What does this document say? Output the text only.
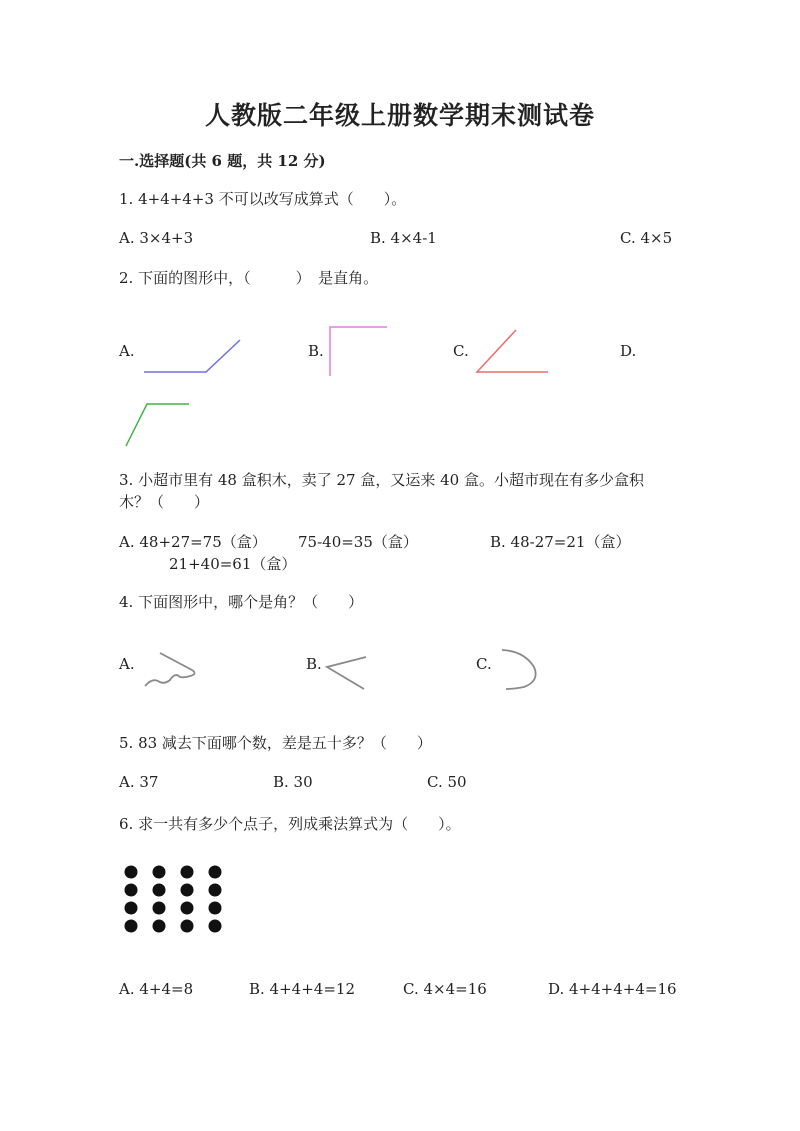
人教版二年级上册数学期末测试卷
一.选择题(共 6 题，共 12 分)
1. 4+4+4+3 不可以改写成算式（　　）。
A. 3×4+3	B. 4×4-1	C. 4×5
2. 下面的图形中，（　　　）　是直角。
A.	B.	C.	D.
3. 小超市里有 48 盒积木，卖了 27 盒，又运来 40 盒。小超市现在有多少盒积
木？（　　）
A. 48+27=75（盒） 75-40=35（盒）	B. 48-27=21（盒）
21+40=61（盒）
4. 下面图形中，哪个是角？（　　）
A.	B.	C.
5. 83 减去下面哪个数，差是五十多？（　　）
A. 37	B. 30	C. 50
6. 求一共有多少个点子，列成乘法算式为（　　）。
A. 4+4=8	B. 4+4+4=12	C. 4×4=16	D. 4+4+4+4=16
